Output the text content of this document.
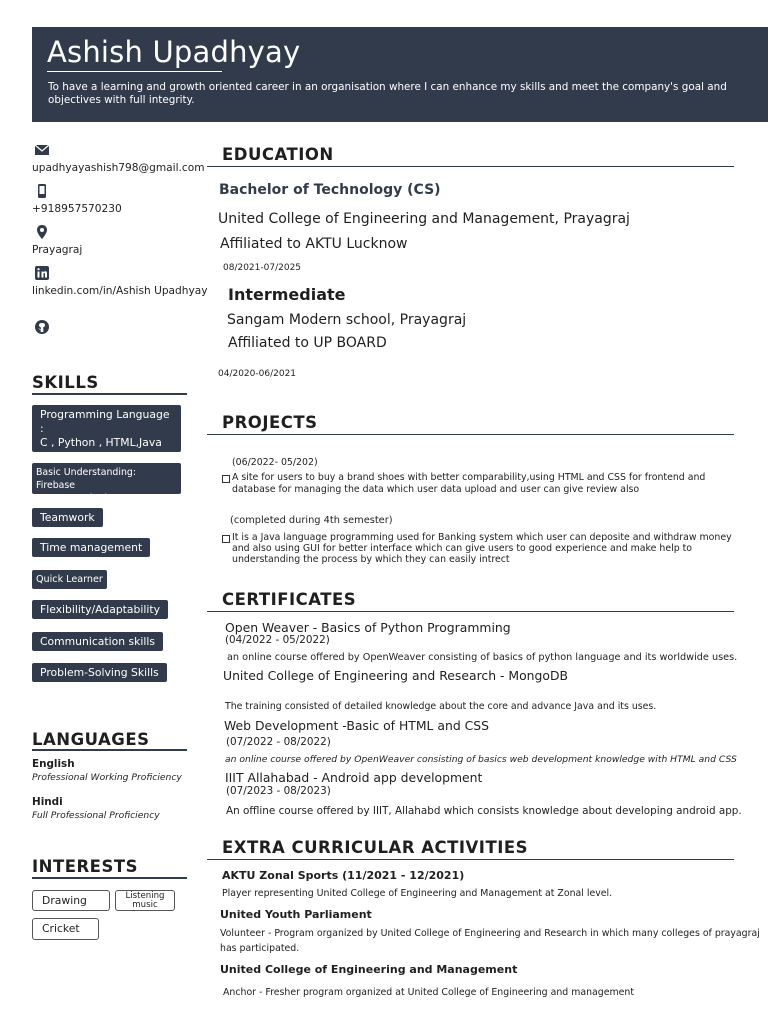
Ashish Upadhyay
To have a learning and growth oriented career in an organisation where I can enhance my skills and meet the company's goal and objectives with full integrity.
upadhyayashish798@gmail.com
+918957570230
Prayagraj
linkedin.com/in/Ashish Upadhyay
SKILLS
Programming Language :
C , Python , HTML,Java
(Basic), CSS, javascript
Basic Understanding: Firebase
OOPS, Topolpgies, OSI, TCP/IP
Teamwork
Time management
Quick Learner
Flexibility/Adaptability
Communication skills
Problem-Solving Skills
LANGUAGES
English
Professional Working Proficiency
Hindi
Full Professional Proficiency
INTERESTS
Drawing	Listening
music
Cricket
EDUCATION
Bachelor of Technology (CS)
United College of Engineering and Management, Prayagraj
Affiliated to AKTU Lucknow
08/2021-07/2025
Intermediate
Sangam Modern school, Prayagraj
Affiliated to UP BOARD
04/2020-06/2021
PROJECTS
(06/2022- 05/202)
A site for users to buy a brand shoes with better comparability,using HTML and CSS for frontend and
database for managing the data which user data upload and user can give review also
(completed during 4th semester)
It is a Java language programming used for Banking system which user can deposite and withdraw money
and also using GUI for better interface which can give users to good experience and make help to
understanding the process by which they can easily intrect
CERTIFICATES
Open Weaver - Basics of Python Programming
(04/2022 - 05/2022)
an online course offered by OpenWeaver consisting of basics of python language and its worldwide uses.
United College of Engineering and Research - MongoDB
The training consisted of detailed knowledge about the core and advance Java and its uses.
Web Development -Basic of HTML and CSS
(07/2022 - 08/2022)
an online course offered by OpenWeaver consisting of basics web development knowledge with HTML and CSS
IIIT Allahabad - Android app development
(07/2023 - 08/2023)
An offline course offered by IIIT, Allahabd which consists knowledge about developing android app.
EXTRA CURRICULAR ACTIVITIES
AKTU Zonal Sports (11/2021 - 12/2021)
Player representing United College of Engineering and Management at Zonal level.
United Youth Parliament
Volunteer - Program organized by United College of Engineering and Research in which many colleges of prayagraj
has participated.
United College of Engineering and Management
Anchor - Fresher program organized at United College of Engineering and management
